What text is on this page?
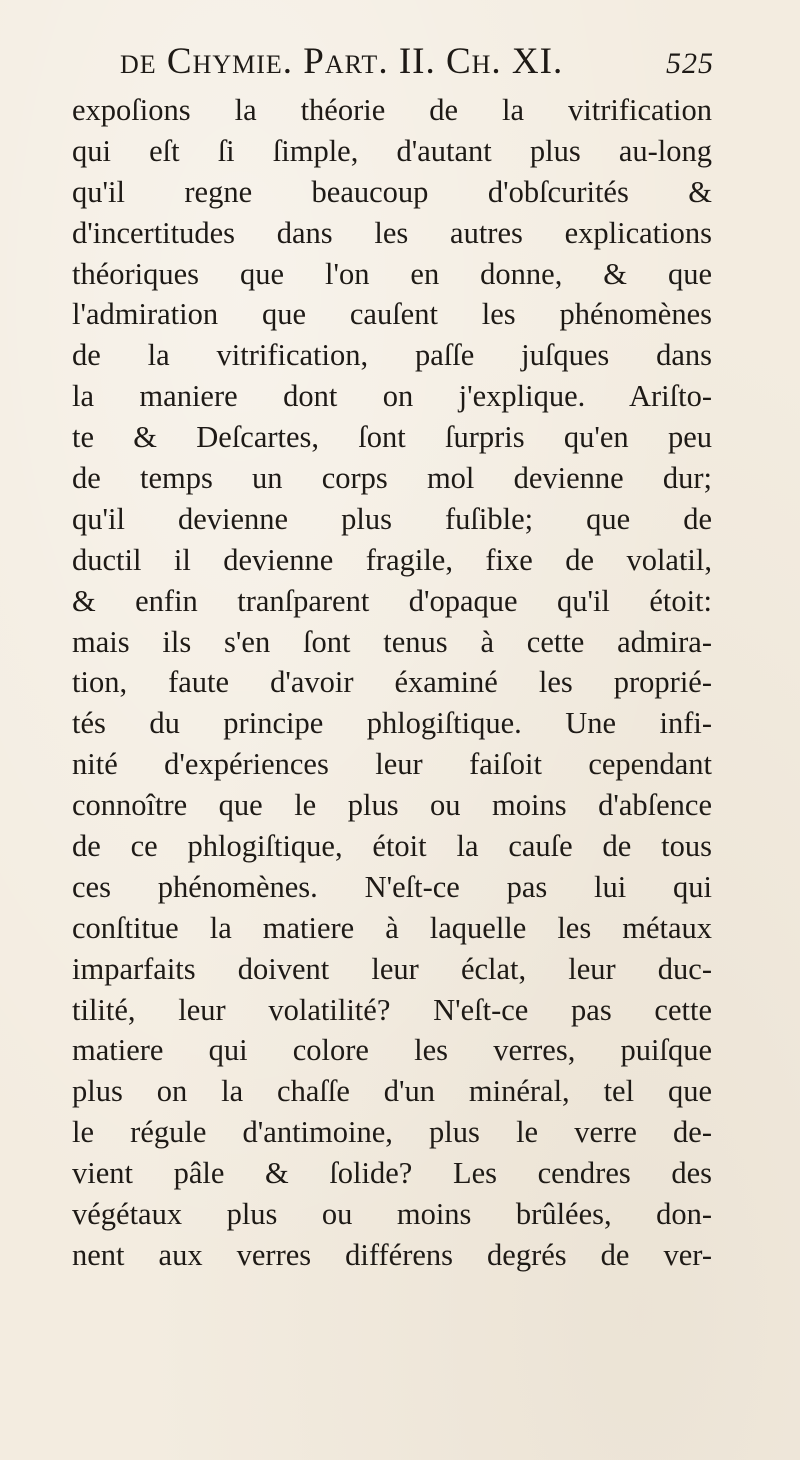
de Chymie. Part. II. Ch. XI.	525
expoſions la théorie de la vitrification
qui eſt ſi ſimple, d'autant plus au-long
qu'il regne beaucoup d'obſcurités &
d'incertitudes dans les autres explications
théoriques que l'on en donne, & que
l'admiration que cauſent les phénomènes
de la vitrification, paſſe juſques dans
la maniere dont on j'explique. Ariſto-
te & Deſcartes, ſont ſurpris qu'en peu
de temps un corps mol devienne dur;
qu'il devienne plus fuſible; que de
ductil il devienne fragile, fixe de volatil,
& enfin tranſparent d'opaque qu'il étoit:
mais ils s'en ſont tenus à cette admira-
tion, faute d'avoir éxaminé les proprié-
tés du principe phlogiſtique. Une infi-
nité d'expériences leur faiſoit cependant
connoître que le plus ou moins d'abſence
de ce phlogiſtique, étoit la cauſe de tous
ces phénomènes. N'eſt-ce pas lui qui
conſtitue la matiere à laquelle les métaux
imparfaits doivent leur éclat, leur duc-
tilité, leur volatilité? N'eſt-ce pas cette
matiere qui colore les verres, puiſque
plus on la chaſſe d'un minéral, tel que
le régule d'antimoine, plus le verre de-
vient pâle & ſolide? Les cendres des
végétaux plus ou moins brûlées, don-
nent aux verres différens degrés de ver-
